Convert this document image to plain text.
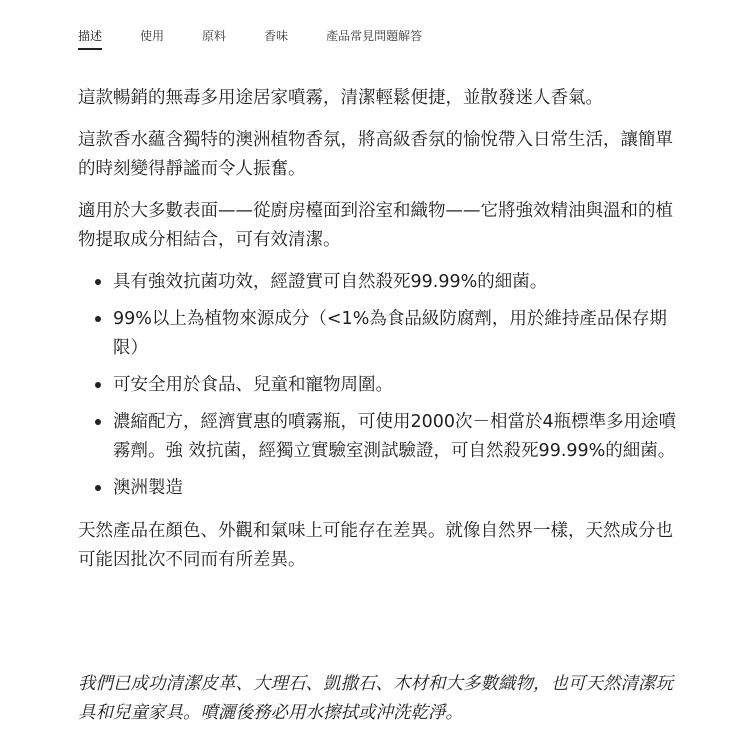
描述	使用	原料	香味	產品常見問題解答

這款暢銷的無毒多用途居家噴霧，清潔輕鬆便捷，並散發迷人香氣。

這款香水蘊含獨特的澳洲植物香氛，將高級香氛的愉悅帶入日常生活，讓簡單的時刻變得靜謐而令人振奮。

適用於大多數表面——從廚房檯面到浴室和織物——它將強效精油與溫和的植物提取成分相結合，可有效清潔。

具有強效抗菌功效，經證實可自然殺死99.99%的細菌。
99%以上為植物來源成分（<1%為食品級防腐劑，用於維持產品保存期限）
可安全用於食品、兒童和寵物周圍。
濃縮配方，經濟實惠的噴霧瓶，可使用2000次－相當於4瓶標準多用途噴霧劑。強 效抗菌，經獨立實驗室測試驗證，可自然殺死99.99%的細菌。
澳洲製造

天然產品在顏色、外觀和氣味上可能存在差異。就像自然界一樣，天然成分也可能因批次不同而有所差異。

我們已成功清潔皮革、大理石、凱撒石、木材和大多數織物，也可天然清潔玩具和兒童家具。噴灑後務必用水擦拭或沖洗乾淨。
